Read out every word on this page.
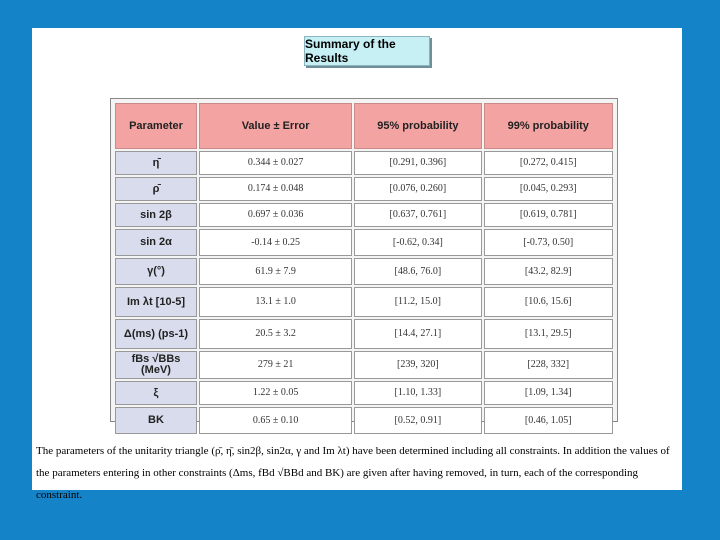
Summary of the Results
Parameter	Value ± Error	95% probability	99% probability
η̄	0.344 ± 0.027	[0.291, 0.396]	[0.272, 0.415]
ρ̄	0.174 ± 0.048	[0.076, 0.260]	[0.045, 0.293]
sin 2β	0.697 ± 0.036	[0.637, 0.761]	[0.619, 0.781]
sin 2α	-0.14 ± 0.25	[-0.62, 0.34]	[-0.73, 0.50]
γ(°)	61.9 ± 7.9	[48.6, 76.0]	[43.2, 82.9]
Im λt [10-5]	13.1 ± 1.0	[11.2, 15.0]	[10.6, 15.6]
Δ(ms) (ps-1)	20.5 ± 3.2	[14.4, 27.1]	[13.1, 29.5]
fBs √BBs (MeV)	279 ± 21	[239, 320]	[228, 332]
ξ	1.22 ± 0.05	[1.10, 1.33]	[1.09, 1.34]
BK	0.65 ± 0.10	[0.52, 0.91]	[0.46, 1.05]
The parameters of the unitarity triangle (ρ̄, η̄, sin2β, sin2α, γ and Im λt) have been determined including all constraints. In addition the values of the parameters entering in other constraints (Δms, fBd √BBd and BK) are given after having removed, in turn, each of the corresponding constraint.
